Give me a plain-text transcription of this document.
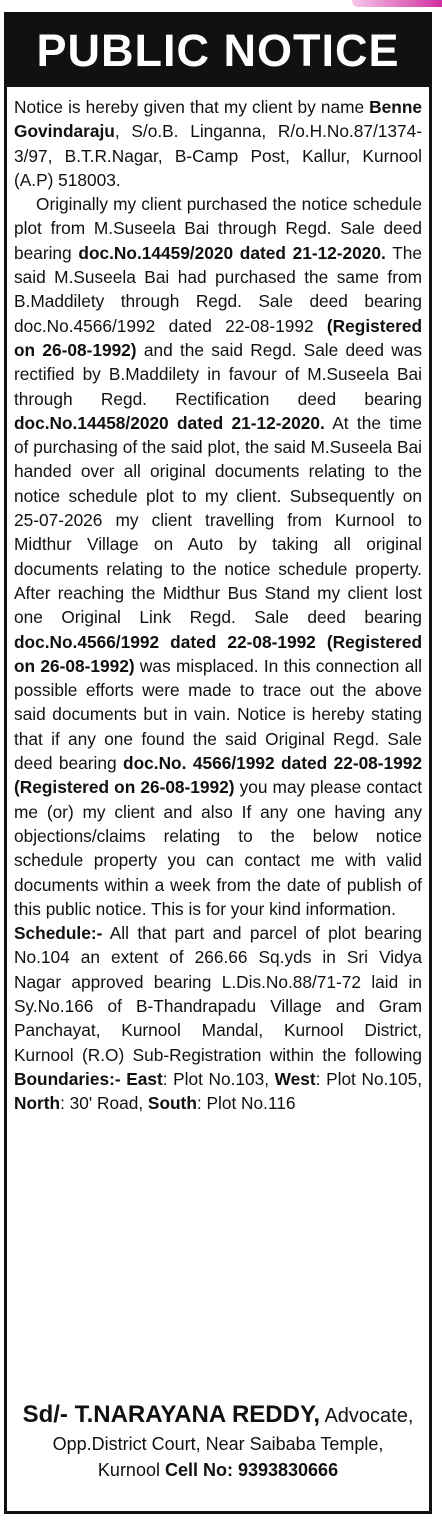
PUBLIC NOTICE

Notice is hereby given that my client by name Benne Govindaraju, S/o.B. Linganna, R/o.H.No.87/1374-3/97, B.T.R.Nagar, B-Camp Post, Kallur, Kurnool (A.P) 518003.

Originally my client purchased the notice schedule plot from M.Suseela Bai through Regd. Sale deed bearing doc.No.14459/2020 dated 21-12-2020. The said M.Suseela Bai had purchased the same from B.Maddilety through Regd. Sale deed bearing doc.No.4566/1992 dated 22-08-1992 (Registered on 26-08-1992) and the said Regd. Sale deed was rectified by B.Maddilety in favour of M.Suseela Bai through Regd. Rectification deed bearing doc.No.14458/2020 dated 21-12-2020. At the time of purchasing of the said plot, the said M.Suseela Bai handed over all original documents relating to the notice schedule plot to my client. Subsequently on 25-07-2026 my client travelling from Kurnool to Midthur Village on Auto by taking all original documents relating to the notice schedule property. After reaching the Midthur Bus Stand my client lost one Original Link Regd. Sale deed bearing doc.No.4566/1992 dated 22-08-1992 (Registered on 26-08-1992) was misplaced. In this connection all possible efforts were made to trace out the above said documents but in vain. Notice is hereby stating that if any one found the said Original Regd. Sale deed bearing doc.No. 4566/1992 dated 22-08-1992 (Registered on 26-08-1992) you may please contact me (or) my client and also If any one having any objections/claims relating to the below notice schedule property you can contact me with valid documents within a week from the date of publish of this public notice. This is for your kind information.

Schedule:- All that part and parcel of plot bearing No.104 an extent of 266.66 Sq.yds in Sri Vidya Nagar approved bearing L.Dis.No.88/71-72 laid in Sy.No.166 of B-Thandrapadu Village and Gram Panchayat, Kurnool Mandal, Kurnool District, Kurnool (R.O) Sub-Registration within the following Boundaries:- East: Plot No.103, West: Plot No.105, North: 30' Road, South: Plot No.116

Sd/- T.NARAYANA REDDY, Advocate,
Opp.District Court, Near Saibaba Temple,
Kurnool Cell No: 9393830666
